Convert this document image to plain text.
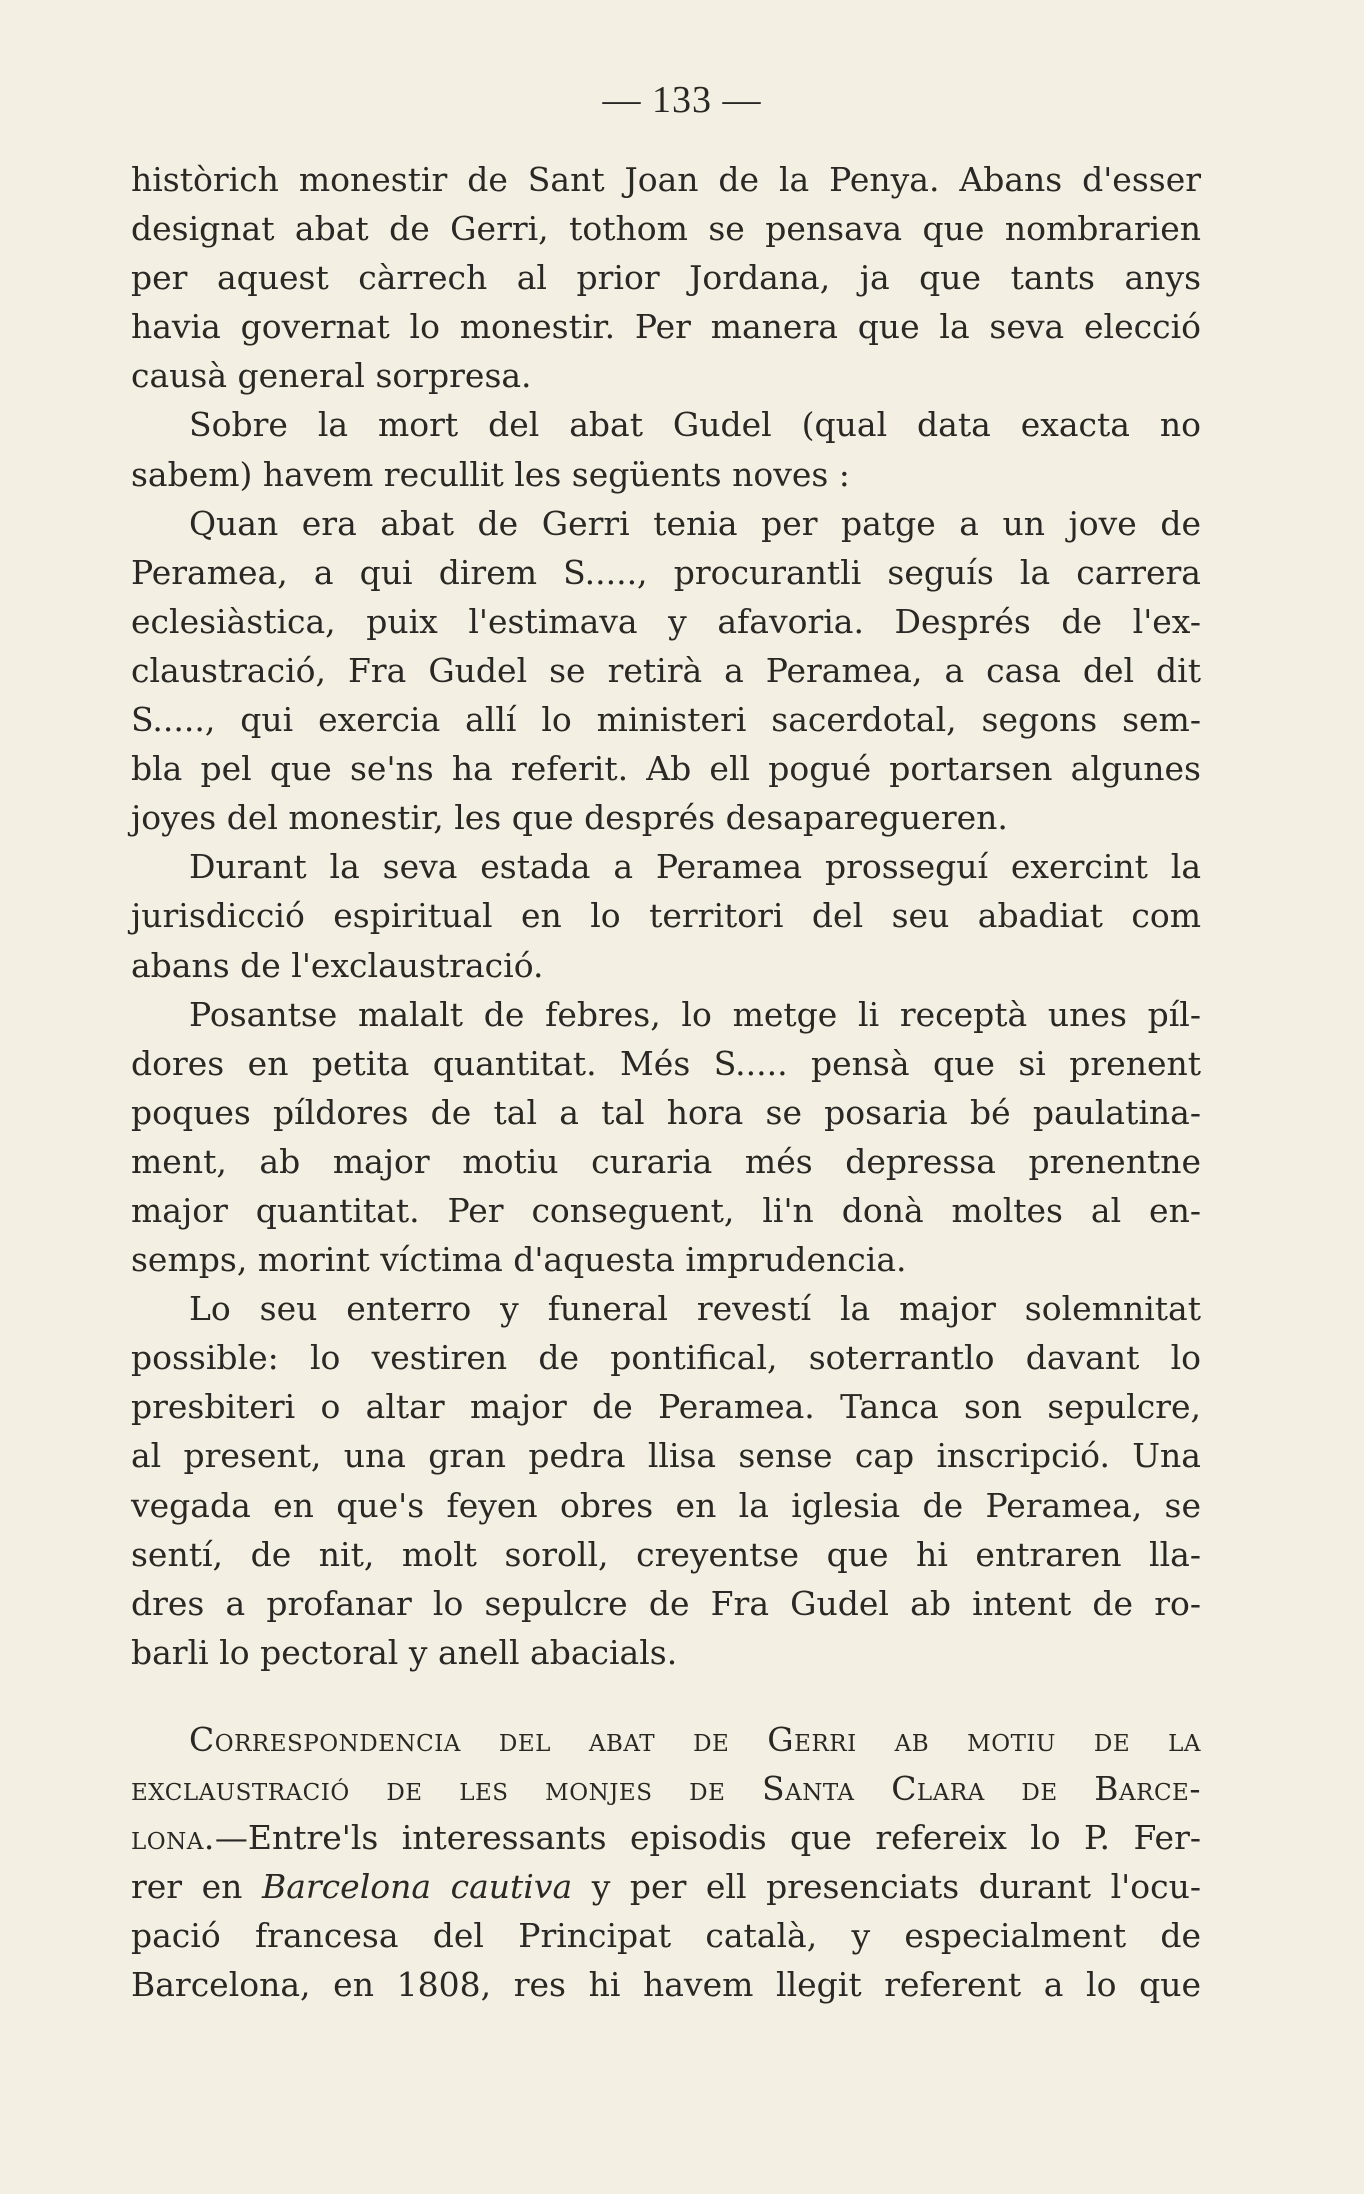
— 133 —
històrich monestir de Sant Joan de la Penya. Abans d'esser
designat abat de Gerri, tothom se pensava que nombrarien
per aquest càrrech al prior Jordana, ja que tants anys
havia governat lo monestir. Per manera que la seva elecció
causà general sorpresa.
Sobre la mort del abat Gudel (qual data exacta no
sabem) havem recullit les següents noves :
Quan era abat de Gerri tenia per patge a un jove de
Peramea, a qui direm S....., procurantli seguís la carrera
eclesiàstica, puix l'estimava y afavoria. Després de l'ex-
claustració, Fra Gudel se retirà a Peramea, a casa del dit
S....., qui exercia allí lo ministeri sacerdotal, segons sem-
bla pel que se'ns ha referit. Ab ell pogué portarsen algunes
joyes del monestir, les que després desaparegueren.
Durant la seva estada a Peramea prosseguí exercint la
jurisdicció espiritual en lo territori del seu abadiat com
abans de l'exclaustració.
Posantse malalt de febres, lo metge li receptà unes píl-
dores en petita quantitat. Més S..... pensà que si prenent
poques píldores de tal a tal hora se posaria bé paulatina-
ment, ab major motiu curaria més depressa prenentne
major quantitat. Per conseguent, li'n donà moltes al en-
semps, morint víctima d'aquesta imprudencia.
Lo seu enterro y funeral revestí la major solemnitat
possible: lo vestiren de pontifical, soterrantlo davant lo
presbiteri o altar major de Peramea. Tanca son sepulcre,
al present, una gran pedra llisa sense cap inscripció. Una
vegada en que's feyen obres en la iglesia de Peramea, se
sentí, de nit, molt soroll, creyentse que hi entraren lla-
dres a profanar lo sepulcre de Fra Gudel ab intent de ro-
barli lo pectoral y anell abacials.
Correspondencia del abat de Gerri ab motiu de la
exclaustració de les monjes de Santa Clara de Barce-
lona.—Entre'ls interessants episodis que refereix lo P. Fer-
rer en Barcelona cautiva y per ell presenciats durant l'ocu-
pació francesa del Principat català, y especialment de
Barcelona, en 1808, res hi havem llegit referent a lo que
